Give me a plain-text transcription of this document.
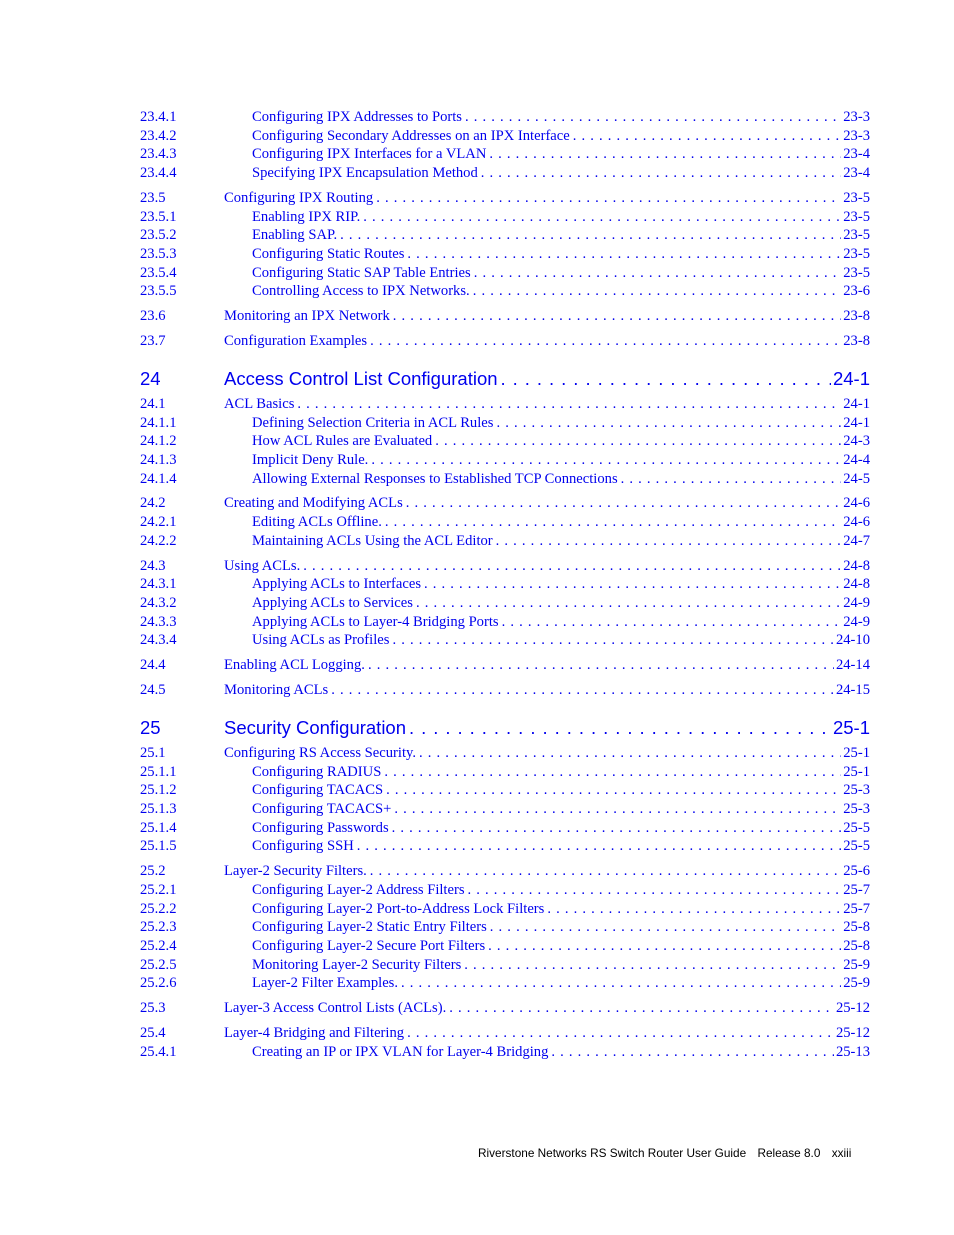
23.4.1	Configuring IPX Addresses to Ports . . .	23-3
23.4.2	Configuring Secondary Addresses on an IPX Interface . . .	23-3
23.4.3	Configuring IPX Interfaces for a VLAN . . .	23-4
23.4.4	Specifying IPX Encapsulation Method . . .	23-4
23.5	Configuring IPX Routing . . .	23-5
23.5.1	Enabling IPX RIP. . . .	23-5
23.5.2	Enabling SAP. . . .	23-5
23.5.3	Configuring Static Routes . . .	23-5
23.5.4	Configuring Static SAP Table Entries . . .	23-5
23.5.5	Controlling Access to IPX Networks. . . .	23-6
23.6	Monitoring an IPX Network . . .	23-8
23.7	Configuration Examples . . .	23-8
24	Access Control List Configuration . . .	24-1
24.1	ACL Basics . . .	24-1
24.1.1	Defining Selection Criteria in ACL Rules . . .	24-1
24.1.2	How ACL Rules are Evaluated . . .	24-3
24.1.3	Implicit Deny Rule. . . .	24-4
24.1.4	Allowing External Responses to Established TCP Connections . . .	24-5
24.2	Creating and Modifying ACLs . . .	24-6
24.2.1	Editing ACLs Offline. . . .	24-6
24.2.2	Maintaining ACLs Using the ACL Editor . . .	24-7
24.3	Using ACLs. . . .	24-8
24.3.1	Applying ACLs to Interfaces . . .	24-8
24.3.2	Applying ACLs to Services . . .	24-9
24.3.3	Applying ACLs to Layer-4 Bridging Ports . . .	24-9
24.3.4	Using ACLs as Profiles . . .	24-10
24.4	Enabling ACL Logging. . . .	24-14
24.5	Monitoring ACLs . . .	24-15
25	Security Configuration . . .	25-1
25.1	Configuring RS Access Security. . . .	25-1
25.1.1	Configuring RADIUS . . .	25-1
25.1.2	Configuring TACACS . . .	25-3
25.1.3	Configuring TACACS+ . . .	25-3
25.1.4	Configuring Passwords . . .	25-5
25.1.5	Configuring SSH . . .	25-5
25.2	Layer-2 Security Filters. . . .	25-6
25.2.1	Configuring Layer-2 Address Filters . . .	25-7
25.2.2	Configuring Layer-2 Port-to-Address Lock Filters . . .	25-7
25.2.3	Configuring Layer-2 Static Entry Filters . . .	25-8
25.2.4	Configuring Layer-2 Secure Port Filters . . .	25-8
25.2.5	Monitoring Layer-2 Security Filters . . .	25-9
25.2.6	Layer-2 Filter Examples. . . .	25-9
25.3	Layer-3 Access Control Lists (ACLs). . . .	25-12
25.4	Layer-4 Bridging and Filtering . . .	25-12
25.4.1	Creating an IP or IPX VLAN for Layer-4 Bridging . . .	25-13
Riverstone Networks RS Switch Router User Guide Release 8.0 xxiii
